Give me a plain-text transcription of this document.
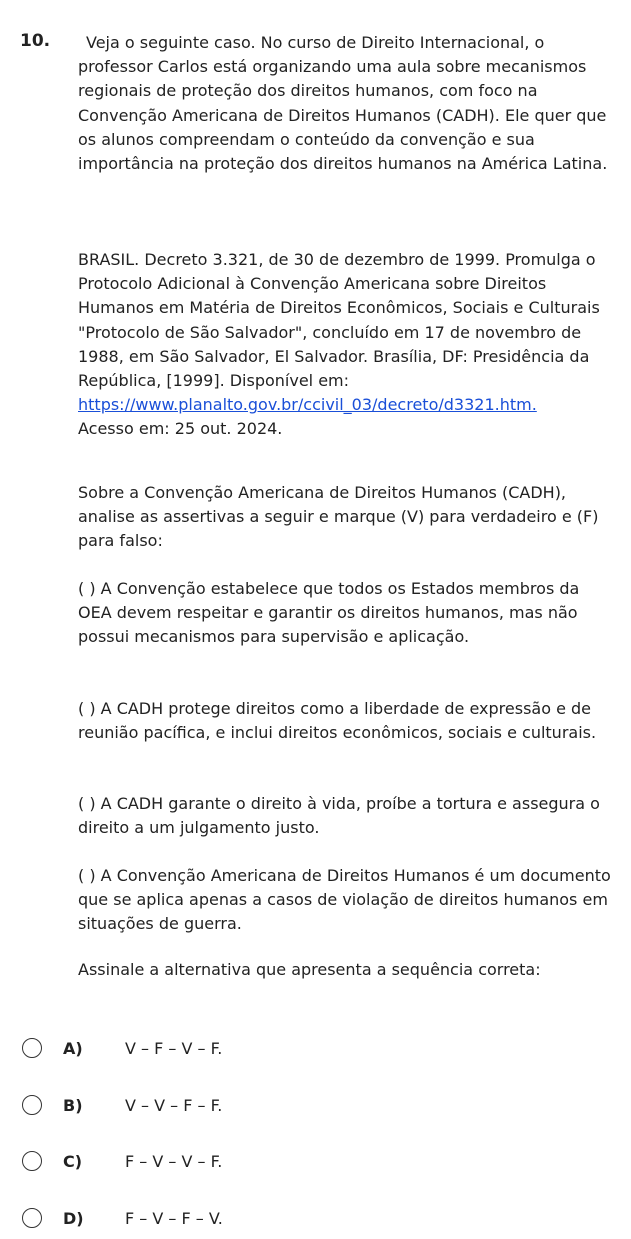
10.	Veja o seguinte caso. No curso de Direito Internacional, o professor Carlos está organizando uma aula sobre mecanismos regionais de proteção dos direitos humanos, com foco na Convenção Americana de Direitos Humanos (CADH). Ele quer que os alunos compreendam o conteúdo da convenção e sua importância na proteção dos direitos humanos na América Latina.

BRASIL. Decreto 3.321, de 30 de dezembro de 1999. Promulga o Protocolo Adicional à Convenção Americana sobre Direitos Humanos em Matéria de Direitos Econômicos, Sociais e Culturais "Protocolo de São Salvador", concluído em 17 de novembro de 1988, em São Salvador, El Salvador. Brasília, DF: Presidência da República, [1999]. Disponível em: https://www.planalto.gov.br/ccivil_03/decreto/d3321.htm.
Acesso em: 25 out. 2024.

Sobre a Convenção Americana de Direitos Humanos (CADH), analise as assertivas a seguir e marque (V) para verdadeiro e (F) para falso:

( ) A Convenção estabelece que todos os Estados membros da OEA devem respeitar e garantir os direitos humanos, mas não possui mecanismos para supervisão e aplicação.

( ) A CADH protege direitos como a liberdade de expressão e de reunião pacífica, e inclui direitos econômicos, sociais e culturais.

( ) A CADH garante o direito à vida, proíbe a tortura e assegura o direito a um julgamento justo.

( ) A Convenção Americana de Direitos Humanos é um documento que se aplica apenas a casos de violação de direitos humanos em situações de guerra.

Assinale a alternativa que apresenta a sequência correta:

A)	V – F – V – F.
B)	V – V – F – F.
C)	F – V – V – F.
D)	F – V – F – V.
